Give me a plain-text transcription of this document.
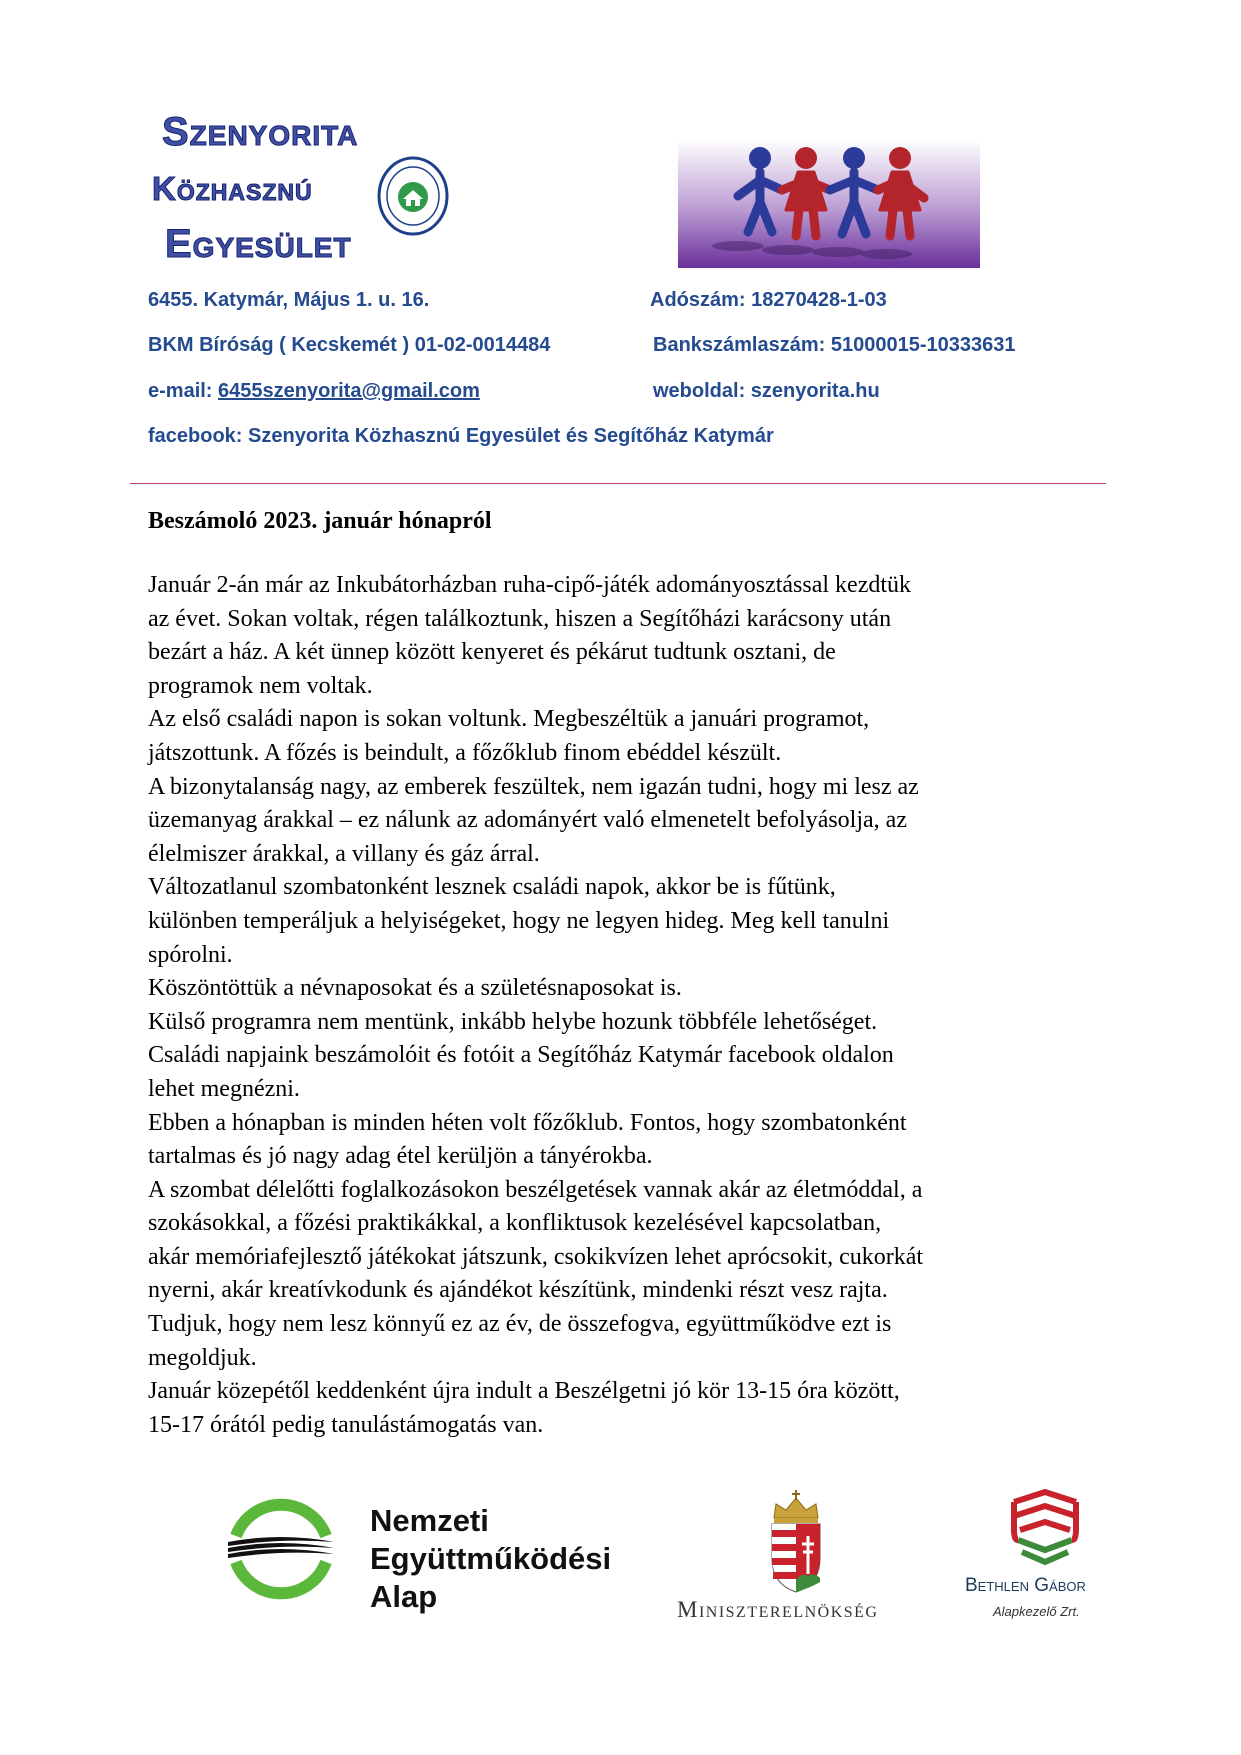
Szenyorita
Közhasznú
Egyesület
6455. Katymár, Május 1. u. 16.	Adószám: 18270428-1-03
BKM Bíróság ( Kecskemét ) 01-02-0014484	Bankszámlaszám: 51000015-10333631
e-mail: 6455szenyorita@gmail.com	weboldal: szenyorita.hu
facebook: Szenyorita Közhasznú Egyesület és Segítőház Katymár
Beszámoló 2023. január hónapról
Január 2-án már az Inkubátorházban ruha-cipő-játék adományosztással kezdtük
az évet. Sokan voltak, régen találkoztunk, hiszen a Segítőházi karácsony után
bezárt a ház. A két ünnep között kenyeret és pékárut tudtunk osztani, de
programok nem voltak.
Az első családi napon is sokan voltunk. Megbeszéltük a januári programot,
játszottunk. A főzés is beindult, a főzőklub finom ebéddel készült.
A bizonytalanság nagy, az emberek feszültek, nem igazán tudni, hogy mi lesz az
üzemanyag árakkal – ez nálunk az adományért való elmenetelt befolyásolja, az
élelmiszer árakkal, a villany és gáz árral.
Változatlanul szombatonként lesznek családi napok, akkor be is fűtünk,
különben temperáljuk a helyiségeket, hogy ne legyen hideg. Meg kell tanulni
spórolni.
Köszöntöttük a névnaposokat és a születésnaposokat is.
Külső programra nem mentünk, inkább helybe hozunk többféle lehetőséget.
Családi napjaink beszámolóit és fotóit a Segítőház Katymár facebook oldalon
lehet megnézni.
Ebben a hónapban is minden héten volt főzőklub. Fontos, hogy szombatonként
tartalmas és jó nagy adag étel kerüljön a tányérokba.
A szombat délelőtti foglalkozásokon beszélgetések vannak akár az életmóddal, a
szokásokkal, a főzési praktikákkal, a konfliktusok kezelésével kapcsolatban,
akár memóriafejlesztő játékokat játszunk, csokikvízen lehet aprócsokit, cukorkát
nyerni, akár kreatívkodunk és ajándékot készítünk, mindenki részt vesz rajta.
Tudjuk, hogy nem lesz könnyű ez az év, de összefogva, együttműködve ezt is
megoldjuk.
Január közepétől keddenként újra indult a Beszélgetni jó kör 13-15 óra között,
15-17 órától pedig tanulástámogatás van.
Nemzeti
Együttműködési
Alap	Miniszterelnökség
Bethlen Gábor
Alapkezelő Zrt.
